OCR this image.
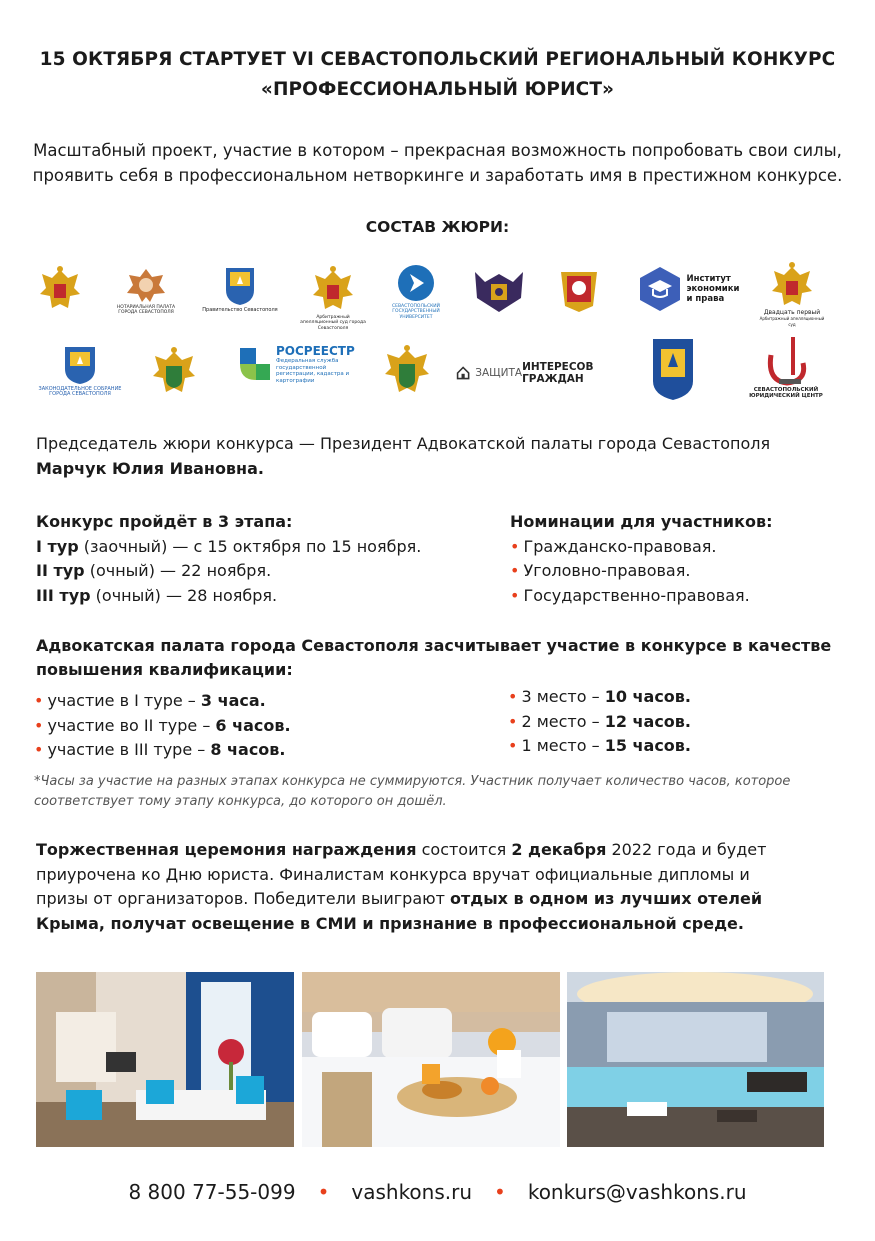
15 ОКТЯБРЯ СТАРТУЕТ VI СЕВАСТОПОЛЬСКИЙ РЕГИОНАЛЬНЫЙ КОНКУРС
«ПРОФЕССИОНАЛЬНЫЙ ЮРИСТ»
Масштабный проект, участие в котором – прекрасная возможность попробовать свои силы,
проявить себя в профессиональном нетворкинге и заработать имя в престижном конкурсе.
СОСТАВ ЖЮРИ:
НОТАРИАЛЬНАЯ ПАЛАТА ГОРОДА СЕВАСТОПОЛЯ	Правительство Севастополя
Арбитражный апелляционный суд города Севастополя
СЕВАСТОПОЛЬСКИЙ ГОСУДАРСТВЕННЫЙ УНИВЕРСИТЕТ
Институт экономики и права
Двадцать первый
Арбитражный апелляционный суд
ЗАКОНОДАТЕЛЬНОЕ СОБРАНИЕ ГОРОДА СЕВАСТОПОЛЯ
РОСРЕЕСТР
Федеральная служба государственной регистрации, кадастра и картографии
ЗАЩИТА ИНТЕРЕСОВ ГРАЖДАН
СЕВАСТОПОЛЬСКИЙ ЮРИДИЧЕСКИЙ ЦЕНТР
Председатель жюри конкурса — Президент Адвокатской палаты города Севастополя
Марчук Юлия Ивановна.
Конкурс пройдёт в 3 этапа:
I тур (заочный) — с 15 октября по 15 ноября.
II тур (очный) — 22 ноября.
III тур (очный) — 28 ноября.
Номинации для участников:
• Гражданско-правовая.
• Уголовно-правовая.
• Государственно-правовая.
Адвокатская палата города Севастополя засчитывает участие в конкурсе в качестве
повышения квалификации:
• участие в I туре – 3 часа.
• участие во II туре – 6 часов.
• участие в III туре – 8 часов.
• 3 место – 10 часов.
• 2 место – 12 часов.
• 1 место – 15 часов.
*Часы за участие на разных этапах конкурса не суммируются. Участник получает количество часов, которое
соответствует тому этапу конкурса, до которого он дошёл.
Торжественная церемония награждения состоится 2 декабря 2022 года и будет
приурочена ко Дню юриста. Финалистам конкурса вручат официальные дипломы и
призы от организаторов. Победители выиграют отдых в одном из лучших отелей
Крыма, получат освещение в СМИ и признание в профессиональной среде.
8 800 77-55-099 • vashkons.ru • konkurs@vashkons.ru
